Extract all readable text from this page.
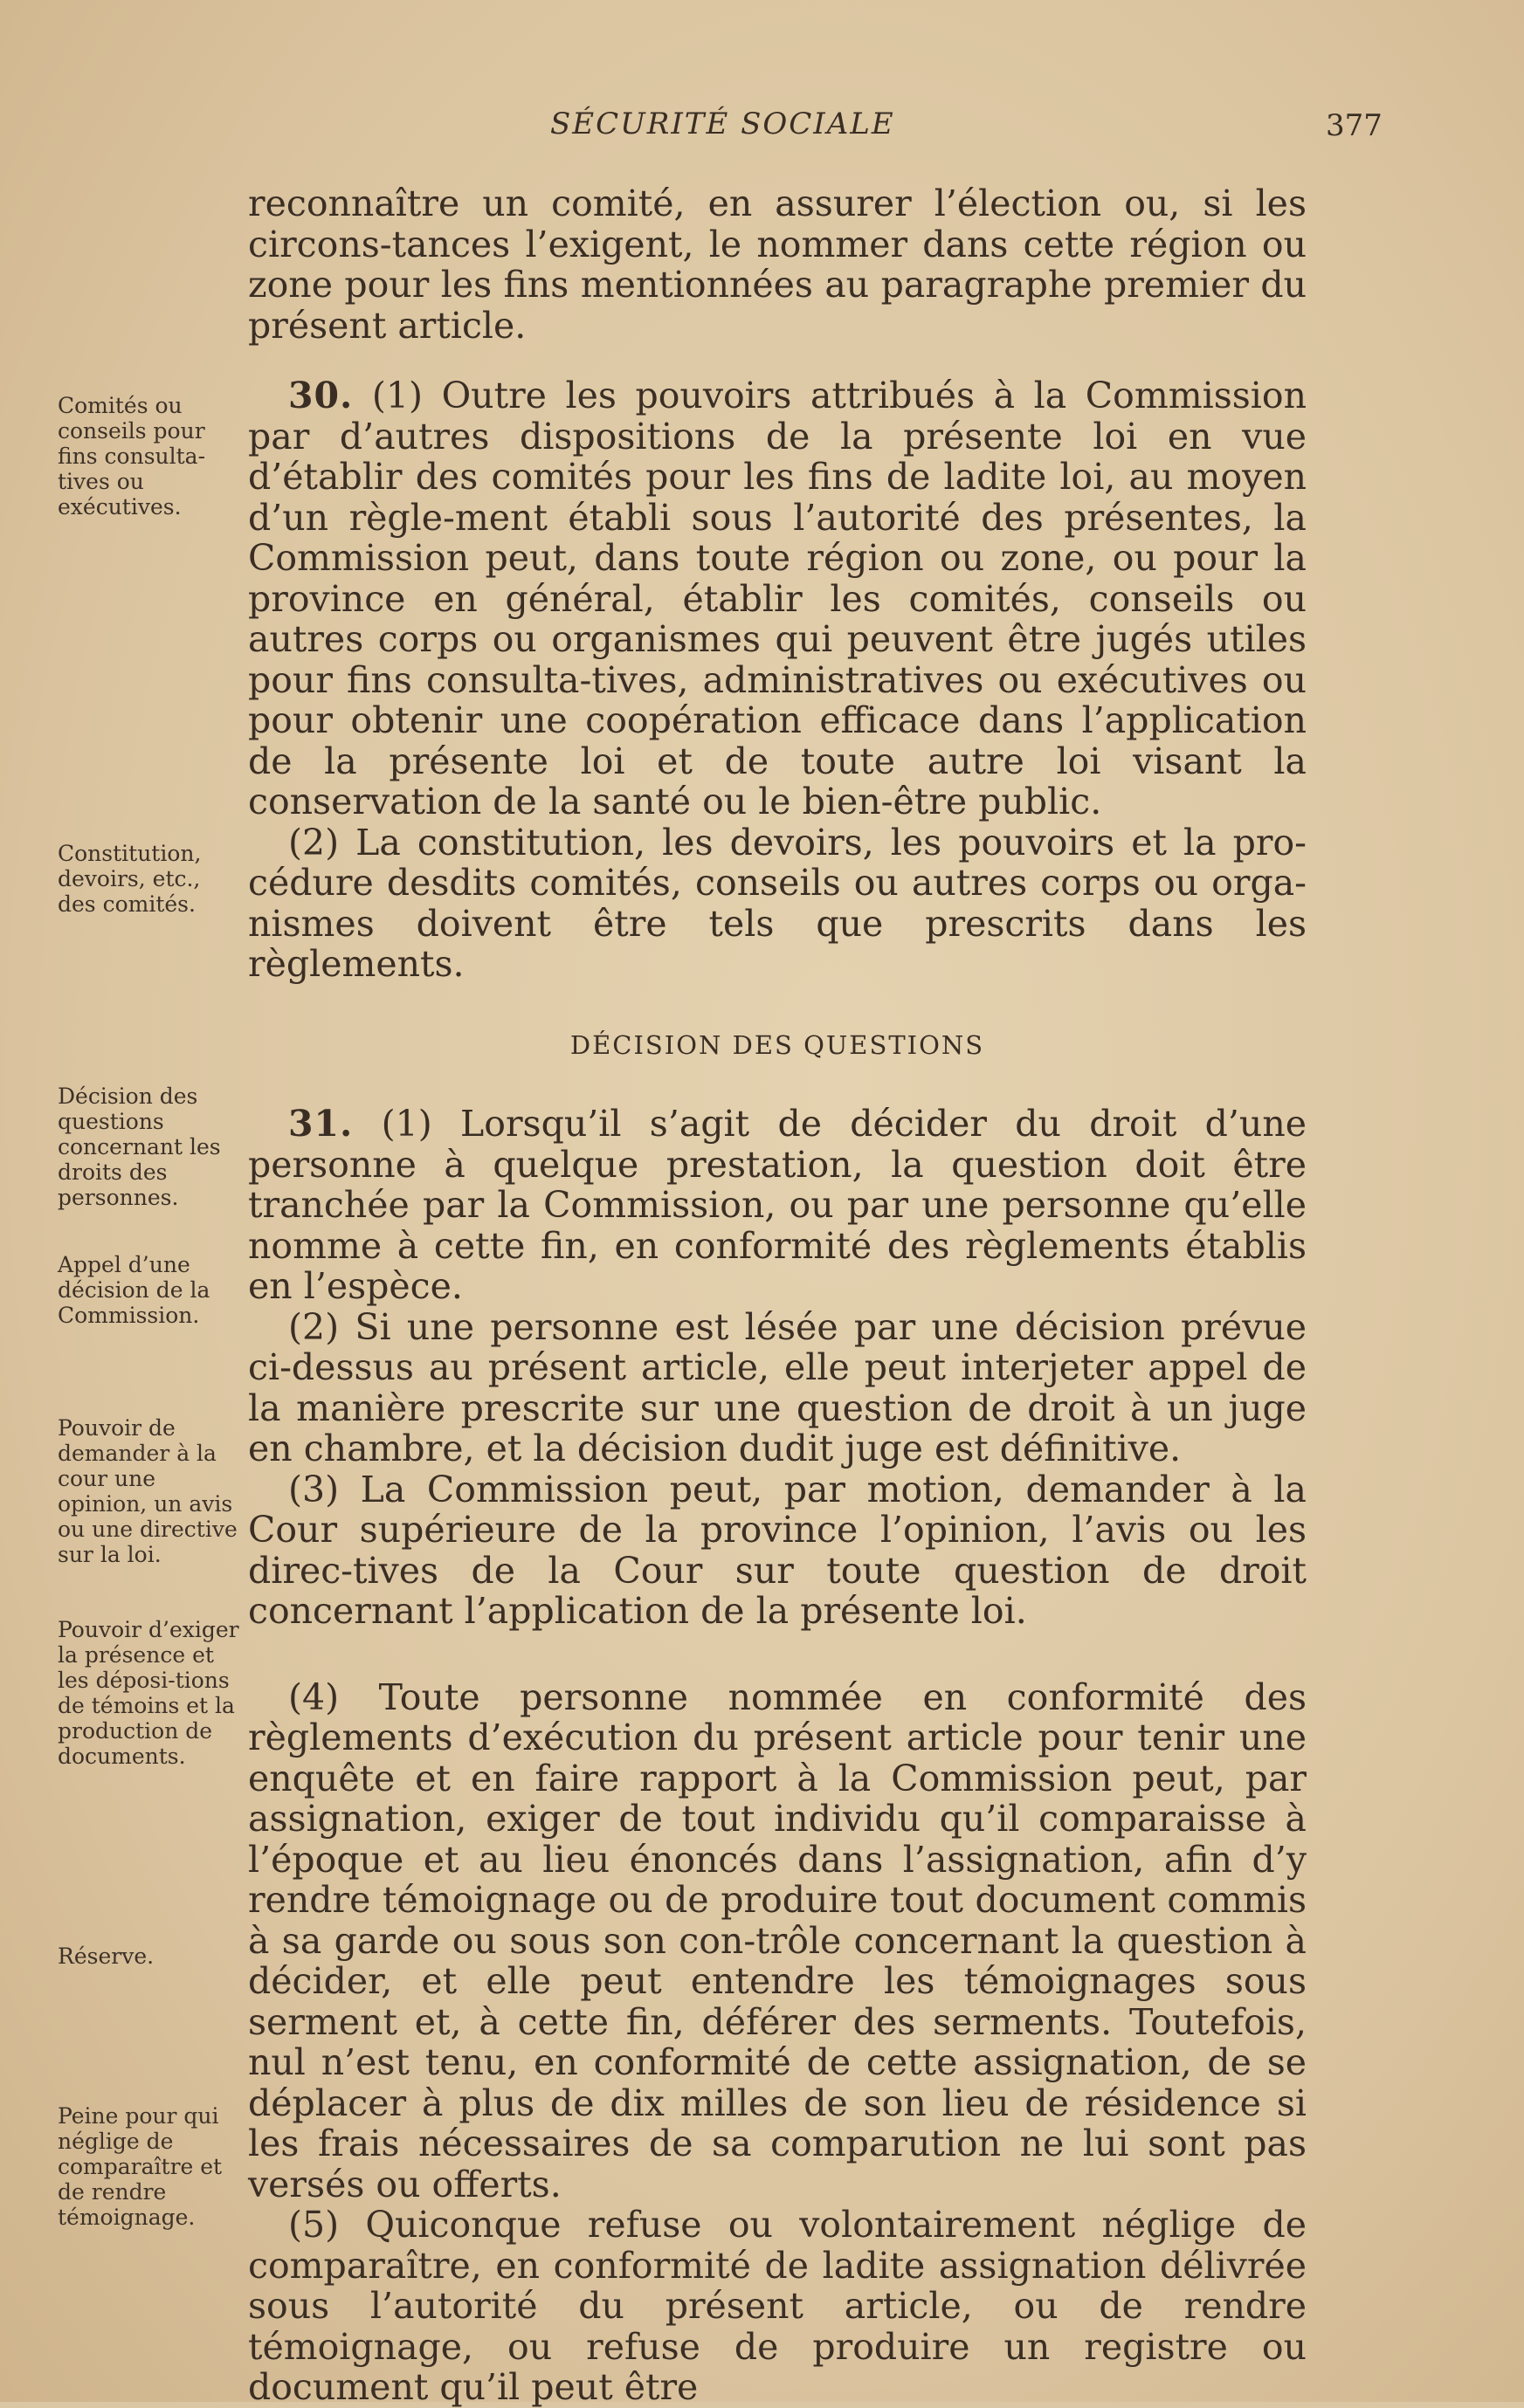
SÉCURITÉ SOCIALE	377
Comités ou conseils pour fins consulta-tives ou exécutives.
Constitution, devoirs, etc., des comités.
Décision des questions concernant les droits des personnes.
Appel d’une décision de la Commission.
Pouvoir de demander à la cour une opinion, un avis ou une directive sur la loi.
Pouvoir d’exiger la présence et les déposi-tions de témoins et la production de documents.
Réserve.
Peine pour qui néglige de comparaître et de rendre témoignage.

reconnaître un comité, en assurer l’élection ou, si les circons-tances l’exigent, le nommer dans cette région ou zone pour les fins mentionnées au paragraphe premier du présent article.

30. (1) Outre les pouvoirs attribués à la Commission par d’autres dispositions de la présente loi en vue d’établir des comités pour les fins de ladite loi, au moyen d’un règle-ment établi sous l’autorité des présentes, la Commission peut, dans toute région ou zone, ou pour la province en général, établir les comités, conseils ou autres corps ou organismes qui peuvent être jugés utiles pour fins consulta-tives, administratives ou exécutives ou pour obtenir une coopération efficace dans l’application de la présente loi et de toute autre loi visant la conservation de la santé ou le bien-être public.

(2) La constitution, les devoirs, les pouvoirs et la pro-cédure desdits comités, conseils ou autres corps ou orga-nismes doivent être tels que prescrits dans les règlements.

DÉCISION DES QUESTIONS

31. (1) Lorsqu’il s’agit de décider du droit d’une personne à quelque prestation, la question doit être tranchée par la Commission, ou par une personne qu’elle nomme à cette fin, en conformité des règlements établis en l’espèce.

(2) Si une personne est lésée par une décision prévue ci-dessus au présent article, elle peut interjeter appel de la manière prescrite sur une question de droit à un juge en chambre, et la décision dudit juge est définitive.

(3) La Commission peut, par motion, demander à la Cour supérieure de la province l’opinion, l’avis ou les direc-tives de la Cour sur toute question de droit concernant l’application de la présente loi.

(4) Toute personne nommée en conformité des règlements d’exécution du présent article pour tenir une enquête et en faire rapport à la Commission peut, par assignation, exiger de tout individu qu’il comparaisse à l’époque et au lieu énoncés dans l’assignation, afin d’y rendre témoignage ou de produire tout document commis à sa garde ou sous son con-trôle concernant la question à décider, et elle peut entendre les témoignages sous serment et, à cette fin, déférer des serments. Toutefois, nul n’est tenu, en conformité de cette assignation, de se déplacer à plus de dix milles de son lieu de résidence si les frais nécessaires de sa comparution ne lui sont pas versés ou offerts.

(5) Quiconque refuse ou volontairement néglige de comparaître, en conformité de ladite assignation délivrée sous l’autorité du présent article, ou de rendre témoignage, ou refuse de produire un registre ou document qu’il peut être
